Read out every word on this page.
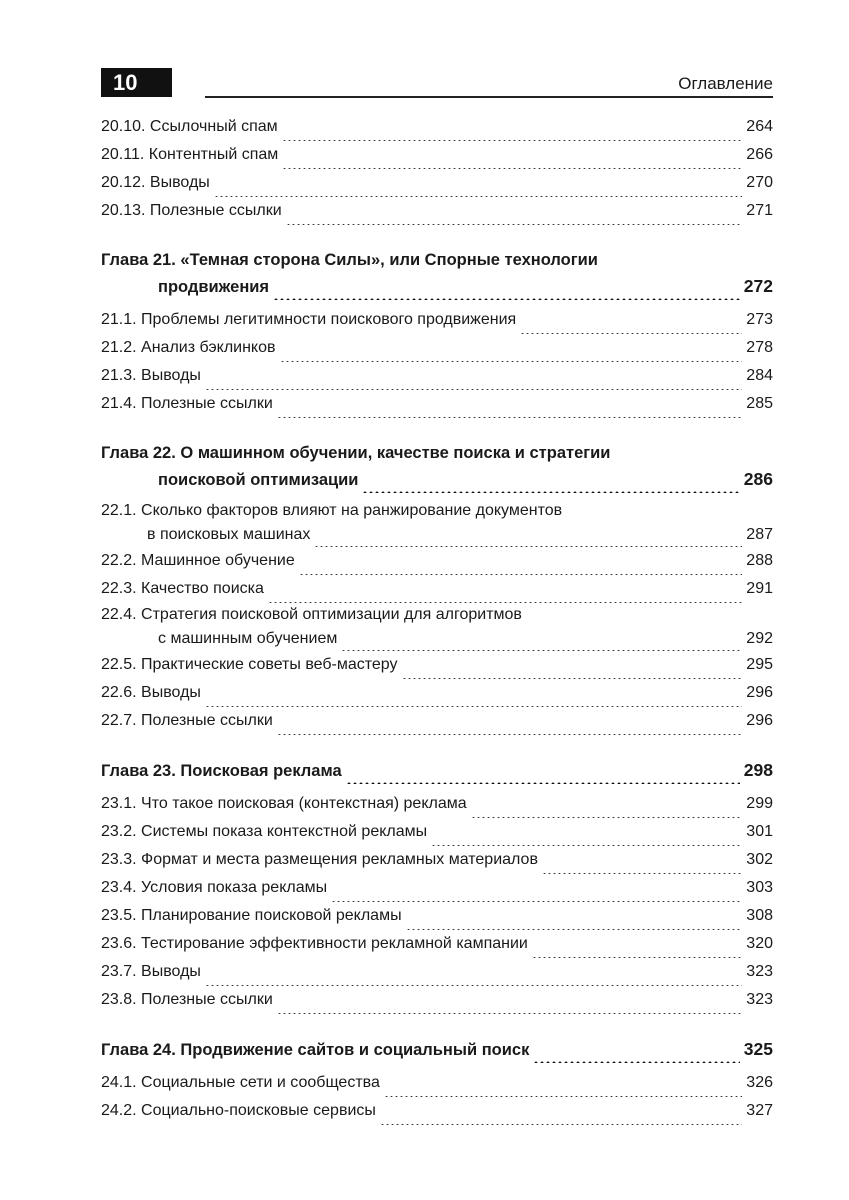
10	Оглавление
20.10. Ссылочный спам	264
20.11. Контентный спам	266
20.12. Выводы	270
20.13. Полезные ссылки	271
Глава 21. «Темная сторона Силы», или Спорные технологии
продвижения	272
21.1. Проблемы легитимности поискового продвижения	273
21.2. Анализ бэклинков	278
21.3. Выводы	284
21.4. Полезные ссылки	285
Глава 22. О машинном обучении, качестве поиска и стратегии
поисковой оптимизации	286
22.1. Сколько факторов влияют на ранжирование документов
в поисковых машинах	287
22.2. Машинное обучение	288
22.3. Качество поиска	291
22.4. Стратегия поисковой оптимизации для алгоритмов
с машинным обучением	292
22.5. Практические советы веб-мастеру	295
22.6. Выводы	296
22.7. Полезные ссылки	296
Глава 23. Поисковая реклама	298
23.1. Что такое поисковая (контекстная) реклама	299
23.2. Системы показа контекстной рекламы	301
23.3. Формат и места размещения рекламных материалов	302
23.4. Условия показа рекламы	303
23.5. Планирование поисковой рекламы	308
23.6. Тестирование эффективности рекламной кампании	320
23.7. Выводы	323
23.8. Полезные ссылки	323
Глава 24. Продвижение сайтов и социальный поиск	325
24.1. Социальные сети и сообщества	326
24.2. Социально-поисковые сервисы	327
